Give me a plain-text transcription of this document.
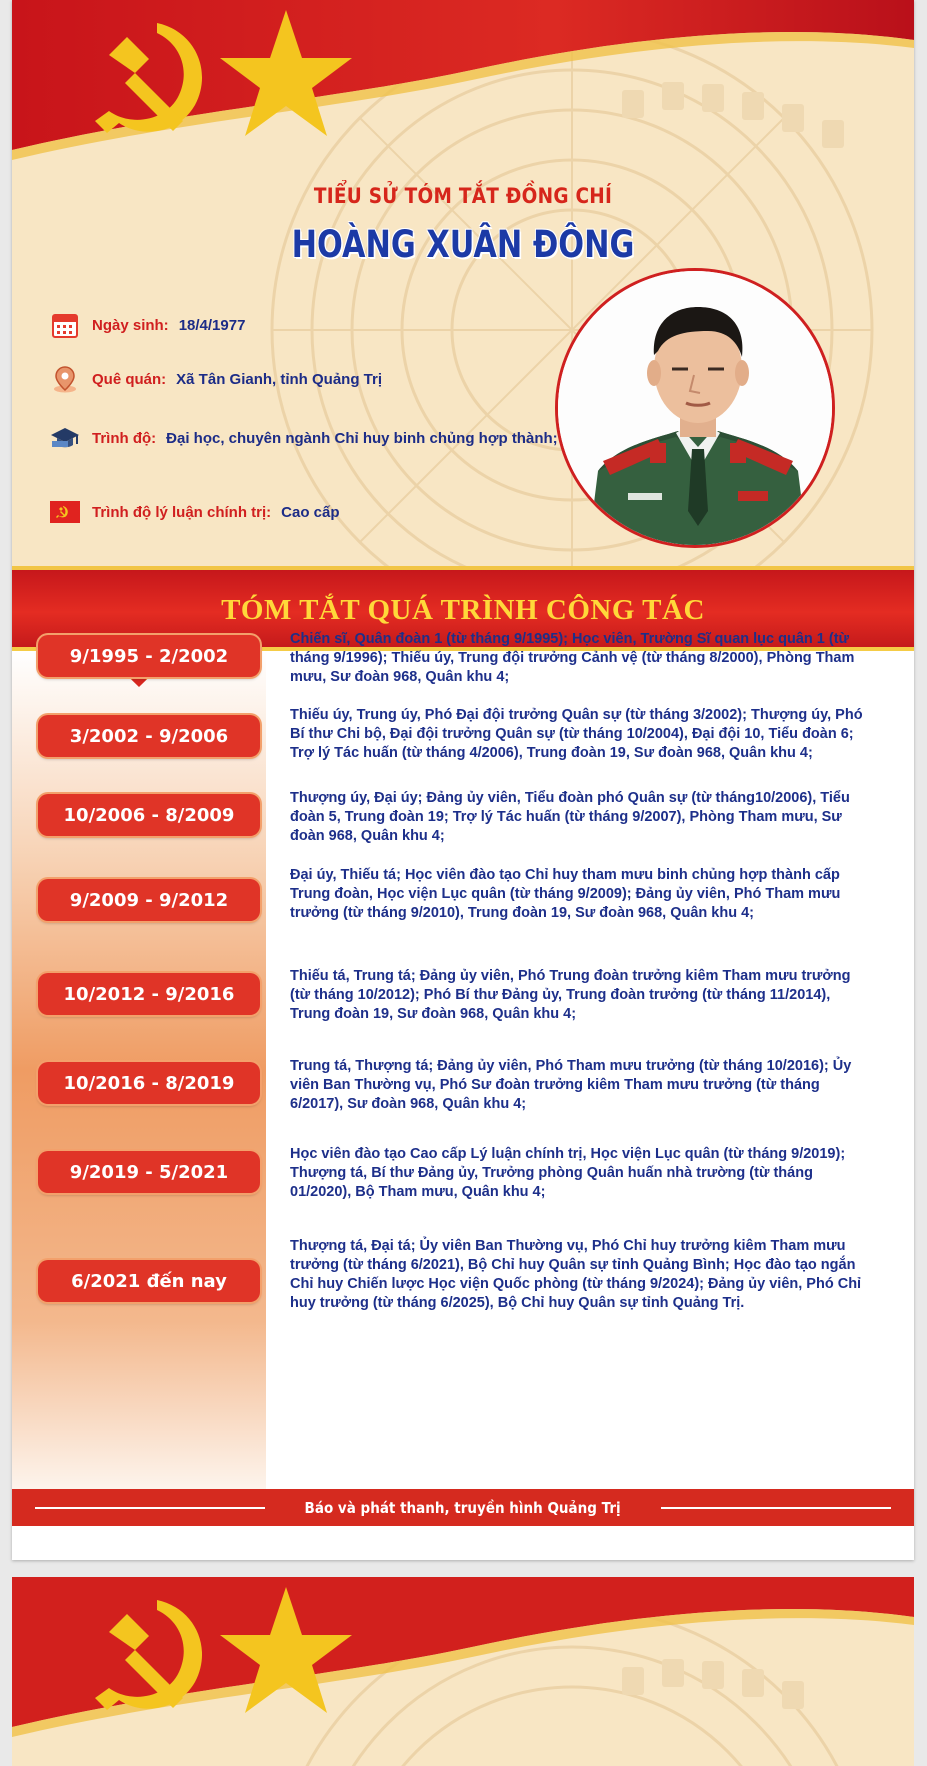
TIỂU SỬ TÓM TẮT ĐỒNG CHÍ
HOÀNG XUÂN ĐÔNG
Ngày sinh: 18/4/1977
Quê quán: Xã Tân Gianh, tỉnh Quảng Trị
Trình độ: Đại học, chuyên ngành Chỉ huy binh chủng hợp thành;
Trình độ lý luận chính trị: Cao cấp
TÓM TẮT QUÁ TRÌNH CÔNG TÁC
9/1995 - 2/2002
Chiến sĩ, Quân đoàn 1 (từ tháng 9/1995); Học viên, Trường Sĩ quan lục quân 1 (từ tháng 9/1996); Thiếu úy, Trung đội trưởng Cảnh vệ (từ tháng 8/2000), Phòng Tham mưu, Sư đoàn 968, Quân khu 4;
3/2002 - 9/2006
Thiếu úy, Trung úy, Phó Đại đội trưởng Quân sự (từ tháng 3/2002); Thượng úy, Phó Bí thư Chi bộ, Đại đội trưởng Quân sự (từ tháng 10/2004), Đại đội 10, Tiểu đoàn 6; Trợ lý Tác huấn (từ tháng 4/2006), Trung đoàn 19, Sư đoàn 968, Quân khu 4;
10/2006 - 8/2009
Thượng úy, Đại úy; Đảng ủy viên, Tiểu đoàn phó Quân sự (từ tháng10/2006), Tiểu đoàn 5, Trung đoàn 19; Trợ lý Tác huấn (từ tháng 9/2007), Phòng Tham mưu, Sư đoàn 968, Quân khu 4;
9/2009 - 9/2012
Đại úy, Thiếu tá; Học viên đào tạo Chỉ huy tham mưu binh chủng hợp thành cấp Trung đoàn, Học viện Lục quân (từ tháng 9/2009); Đảng ủy viên, Phó Tham mưu trưởng (từ tháng 9/2010), Trung đoàn 19, Sư đoàn 968, Quân khu 4;
10/2012 - 9/2016
Thiếu tá, Trung tá; Đảng ủy viên, Phó Trung đoàn trưởng kiêm Tham mưu trưởng (từ tháng 10/2012); Phó Bí thư Đảng ủy, Trung đoàn trưởng (từ tháng 11/2014), Trung đoàn 19, Sư đoàn 968, Quân khu 4;
10/2016 - 8/2019
Trung tá, Thượng tá; Đảng ủy viên, Phó Tham mưu trưởng (từ tháng 10/2016); Ủy viên Ban Thường vụ, Phó Sư đoàn trưởng kiêm Tham mưu trưởng (từ tháng 6/2017), Sư đoàn 968, Quân khu 4;
9/2019 - 5/2021
Học viên đào tạo Cao cấp Lý luận chính trị, Học viện Lục quân (từ tháng 9/2019); Thượng tá, Bí thư Đảng ủy, Trưởng phòng Quân huấn nhà trường (từ tháng 01/2020), Bộ Tham mưu, Quân khu 4;
6/2021 đến nay
Thượng tá, Đại tá; Ủy viên Ban Thường vụ, Phó Chỉ huy trưởng kiêm Tham mưu trưởng (từ tháng 6/2021), Bộ Chỉ huy Quân sự tỉnh Quảng Bình; Học đào tạo ngắn Chỉ huy Chiến lược Học viện Quốc phòng (từ tháng 9/2024); Đảng ủy viên, Phó Chỉ huy trưởng (từ tháng 6/2025), Bộ Chỉ huy Quân sự tỉnh Quảng Trị.
Báo và phát thanh, truyền hình Quảng Trị
